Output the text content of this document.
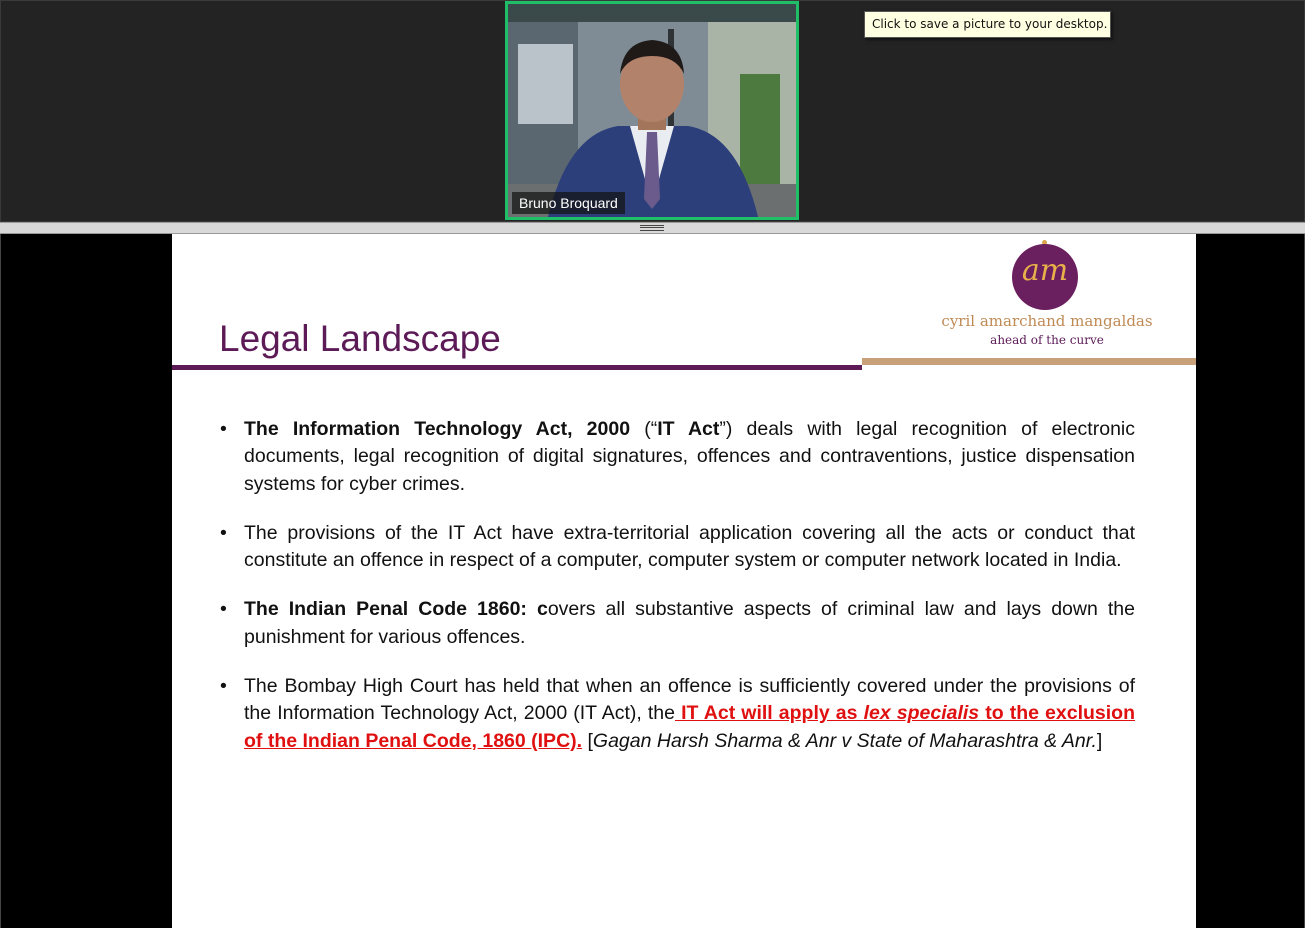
Bruno Broquard
Click to save a picture to your desktop.
am
cyril amarchand mangaldas
ahead of the curve
Legal Landscape
• The Information Technology Act, 2000 (“IT Act”) deals with legal recognition of electronic documents, legal recognition of digital signatures, offences and contraventions, justice dispensation systems for cyber crimes.
• The provisions of the IT Act have extra-territorial application covering all the acts or conduct that constitute an offence in respect of a computer, computer system or computer network located in India.
• The Indian Penal Code 1860: covers all substantive aspects of criminal law and lays down the punishment for various offences.
• The Bombay High Court has held that when an offence is sufficiently covered under the provisions of the Information Technology Act, 2000 (IT Act), the IT Act will apply as lex specialis to the exclusion of the Indian Penal Code, 1860 (IPC). [Gagan Harsh Sharma & Anr v State of Maharashtra & Anr.]
